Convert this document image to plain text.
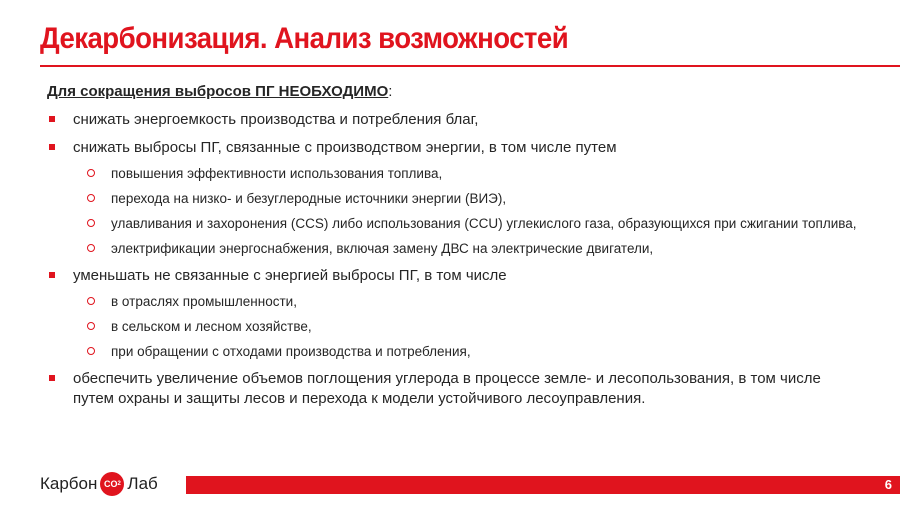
Декарбонизация. Анализ возможностей

Для сокращения выбросов ПГ НЕОБХОДИМО:

снижать энергоемкость производства и потребления благ,
снижать выбросы ПГ, связанные с производством энергии, в том числе путем
повышения эффективности использования топлива,
перехода на низко- и безуглеродные источники энергии (ВИЭ),
улавливания и захоронения (CCS) либо использования (CCU) углекислого газа, образующихся при сжигании топлива,
электрификации энергоснабжения, включая замену ДВС на электрические двигатели,
уменьшать не связанные с энергией выбросы ПГ, в том числе
в отраслях промышленности,
в сельском и лесном хозяйстве,
при обращении с отходами производства и потребления,
обеспечить увеличение объемов поглощения углерода в процессе земле- и лесопользования, в том числе путем охраны и защиты лесов и перехода к модели устойчивого лесоуправления.
Карбон CO 2 Лаб	6
